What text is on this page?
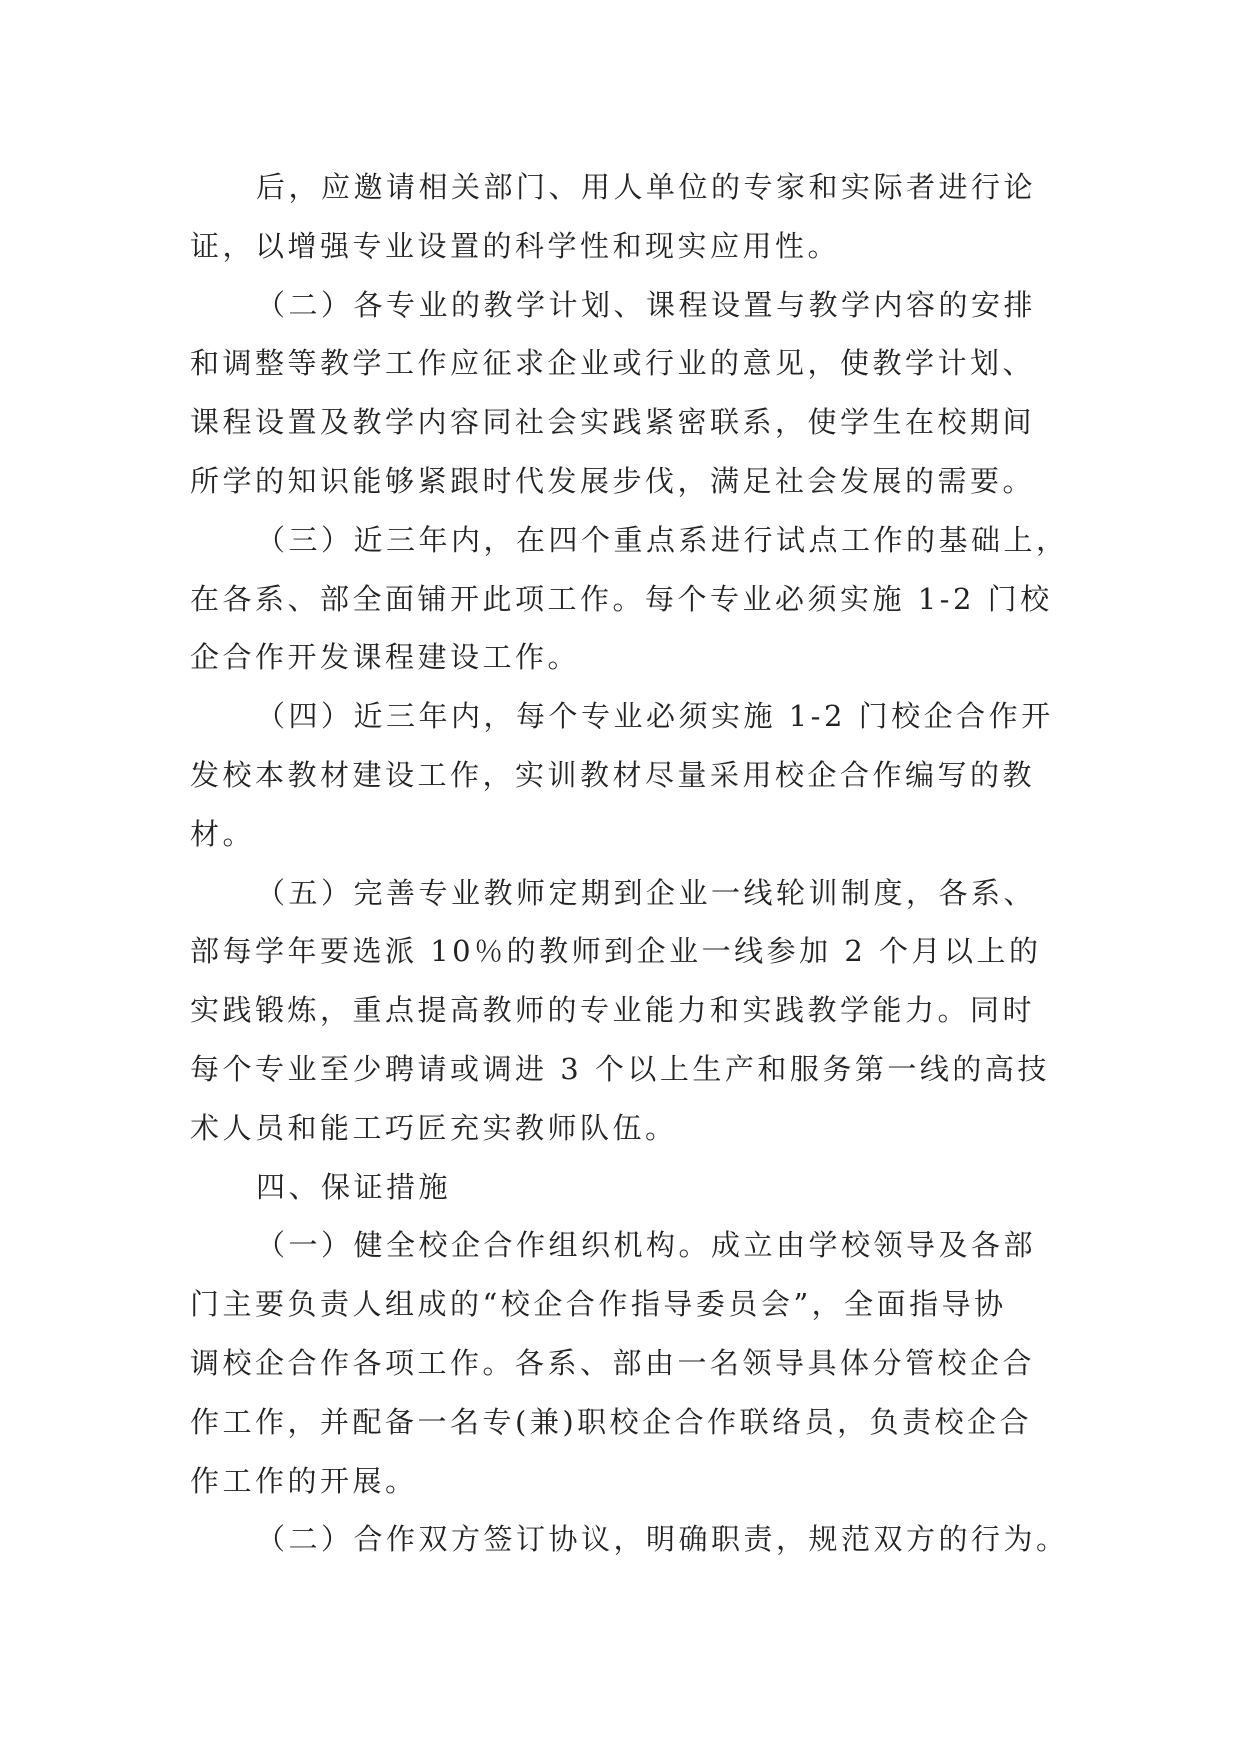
后，应邀请相关部门、用人单位的专家和实际者进行论
证，以增强专业设置的科学性和现实应用性。
（二）各专业的教学计划、课程设置与教学内容的安排
和调整等教学工作应征求企业或行业的意见，使教学计划、
课程设置及教学内容同社会实践紧密联系，使学生在校期间
所学的知识能够紧跟时代发展步伐，满足社会发展的需要。
（三）近三年内，在四个重点系进行试点工作的基础上，
在各系、部全面铺开此项工作。每个专业必须实施 1-2 门校
企合作开发课程建设工作。
（四）近三年内，每个专业必须实施 1-2 门校企合作开
发校本教材建设工作，实训教材尽量采用校企合作编写的教
材。
（五）完善专业教师定期到企业一线轮训制度，各系、
部每学年要选派 10％的教师到企业一线参加 2 个月以上的
实践锻炼，重点提高教师的专业能力和实践教学能力。同时
每个专业至少聘请或调进 3 个以上生产和服务第一线的高技
术人员和能工巧匠充实教师队伍。
四、保证措施
（一）健全校企合作组织机构。成立由学校领导及各部
门主要负责人组成的“校企合作指导委员会”，全面指导协
调校企合作各项工作。各系、部由一名领导具体分管校企合
作工作，并配备一名专(兼)职校企合作联络员，负责校企合
作工作的开展。
（二）合作双方签订协议，明确职责，规范双方的行为。
